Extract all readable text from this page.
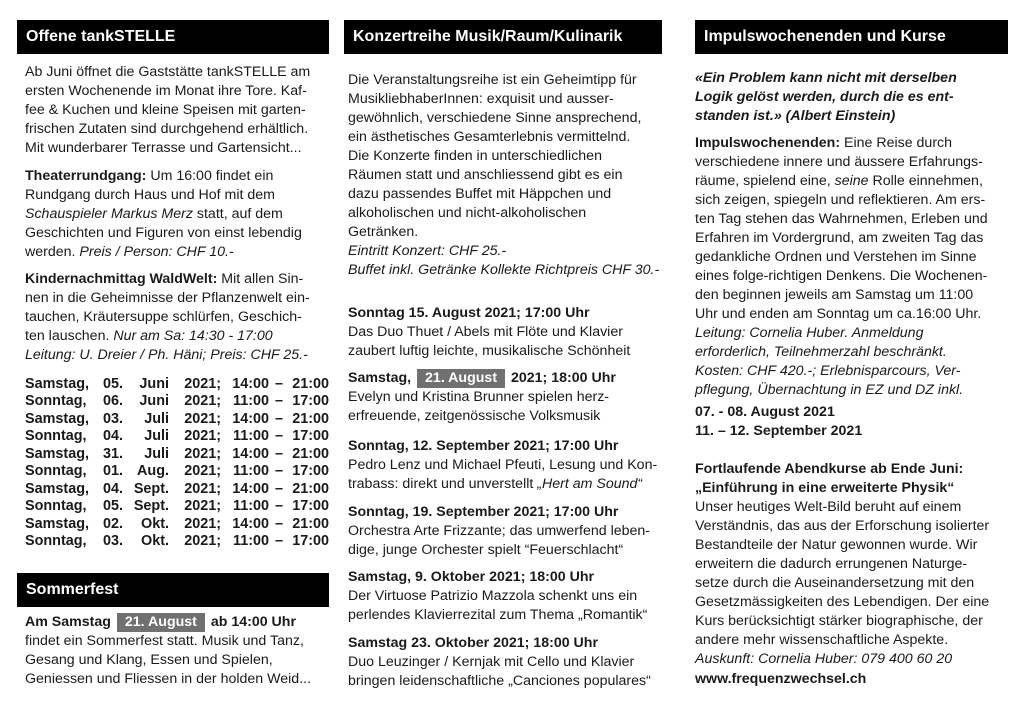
Offene tankSTELLE

Ab Juni öffnet die Gaststätte tankSTELLE am

ersten Wochenende im Monat ihre Tore. Kaf-

fee & Kuchen und kleine Speisen mit garten-

frischen Zutaten sind durchgehend erhältlich.

Mit wunderbarer Terrasse und Gartensicht...

Theaterrundgang: Um 16:00 findet ein

Rundgang durch Haus und Hof mit dem

Schauspieler Markus Merz statt, auf dem

Geschichten und Figuren von einst lebendig

werden. Preis / Person: CHF 10.-

Kindernachmittag WaldWelt: Mit allen Sin-

nen in die Geheimnisse der Pflanzenwelt ein-

tauchen, Kräutersuppe schlürfen, Geschich-

ten lauschen. Nur am Sa: 14:30 - 17:00

Leitung: U. Dreier / Ph. Häni; Preis: CHF 25.-

Samstag,	05.	Juni	2021;	14:00	–	21:00
Sonntag,	06.	Juni	2021;	11:00	–	17:00

Samstag,	03.	Juli	2021;	14:00	–	21:00
Sonntag,	04.	Juli	2021;	11:00	–	17:00

Samstag,	31.	Juli	2021;	14:00	–	21:00
Sonntag,	01.	Aug.	2021;	11:00	–	17:00

Samstag,	04.	Sept.	2021;	14:00	–	21:00
Sonntag,	05.	Sept.	2021;	11:00	–	17:00

Samstag,	02.	Okt.	2021;	14:00	–	21:00
Sonntag,	03.	Okt.	2021;	11:00	–	17:00
Sommerfest

Am Samstag 21. August ab 14:00 Uhr

findet ein Sommerfest statt. Musik und Tanz,

Gesang und Klang, Essen und Spielen,

Geniessen und Fliessen in der holden Weid...

Konzertreihe Musik/Raum/Kulinarik

Die Veranstaltungsreihe ist ein Geheimtipp für

MusikliebhaberInnen: exquisit und ausser-

gewöhnlich, verschiedene Sinne ansprechend,

ein ästhetisches Gesamterlebnis vermittelnd.

Die Konzerte finden in unterschiedlichen

Räumen statt und anschliessend gibt es ein

dazu passendes Buffet mit Häppchen und

alkoholischen und nicht-alkoholischen

Getränken.

Eintritt Konzert: CHF 25.-

Buffet inkl. Getränke Kollekte Richtpreis CHF 30.-

Sonntag 15. August 2021; 17:00 Uhr

Das Duo Thuet / Abels mit Flöte und Klavier

zaubert luftig leichte, musikalische Schönheit

Samstag, 21. August 2021; 18:00 Uhr

Evelyn und Kristina Brunner spielen herz-

erfreuende, zeitgenössische Volksmusik

Sonntag, 12. September 2021; 17:00 Uhr

Pedro Lenz und Michael Pfeuti, Lesung und Kon-

trabass: direkt und unverstellt „Hert am Sound“

Sonntag, 19. September 2021; 17:00 Uhr

Orchestra Arte Frizzante; das umwerfend leben-

dige, junge Orchester spielt “Feuerschlacht“

Samstag, 9. Oktober 2021; 18:00 Uhr

Der Virtuose Patrizio Mazzola schenkt uns ein

perlendes Klavierrezital zum Thema „Romantik“

Samstag 23. Oktober 2021; 18:00 Uhr

Duo Leuzinger / Kernjak mit Cello und Klavier

bringen leidenschaftliche „Canciones populares“

Impulswochenenden und Kurse

«Ein Problem kann nicht mit derselben

Logik gelöst werden, durch die es ent-

standen ist.» (Albert Einstein)

Impulswochenenden: Eine Reise durch

verschiedene innere und äussere Erfahrungs-

räume, spielend eine, seine Rolle einnehmen,

sich zeigen, spiegeln und reflektieren. Am ers-

ten Tag stehen das Wahrnehmen, Erleben und

Erfahren im Vordergrund, am zweiten Tag das

gedankliche Ordnen und Verstehen im Sinne

eines folge-richtigen Denkens. Die Wochenen-

den beginnen jeweils am Samstag um 11:00

Uhr und enden am Sonntag um ca.16:00 Uhr.

Leitung: Cornelia Huber. Anmeldung

erforderlich, Teilnehmerzahl beschränkt.

Kosten: CHF 420.-; Erlebnisparcours, Ver-

pflegung, Übernachtung in EZ und DZ inkl.

07. - 08. August 2021

11. – 12. September 2021

Fortlaufende Abendkurse ab Ende Juni:

„Einführung in eine erweiterte Physik“

Unser heutiges Welt-Bild beruht auf einem

Verständnis, das aus der Erforschung isolierter

Bestandteile der Natur gewonnen wurde. Wir

erweitern die dadurch errungenen Naturge-

setze durch die Auseinandersetzung mit den

Gesetzmässigkeiten des Lebendigen. Der eine

Kurs berücksichtigt stärker biographische, der

andere mehr wissenschaftliche Aspekte.

Auskunft: Cornelia Huber: 079 400 60 20

www.frequenzwechsel.ch
